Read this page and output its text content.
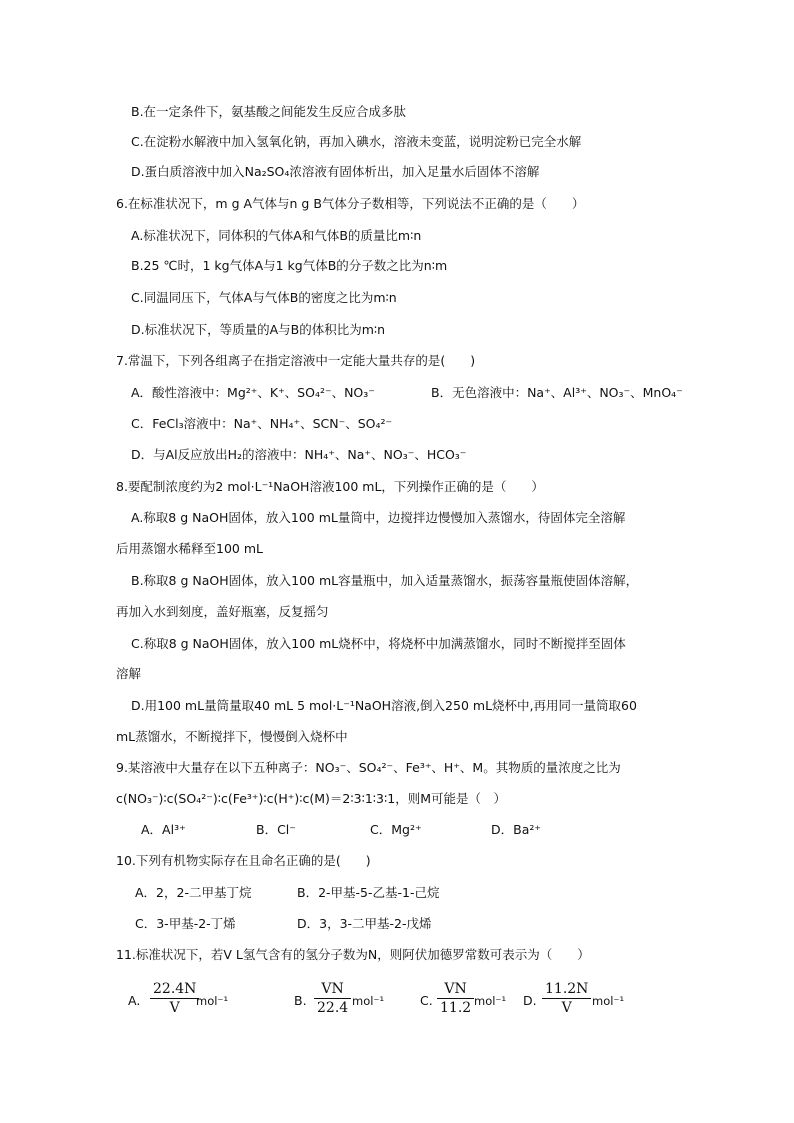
B.在一定条件下，氨基酸之间能发生反应合成多肽
C.在淀粉水解液中加入氢氧化钠，再加入碘水，溶液未变蓝，说明淀粉已完全水解
D.蛋白质溶液中加入Na₂SO₄浓溶液有固体析出，加入足量水后固体不溶解
6.在标准状况下，m g A气体与n g B气体分子数相等，下列说法不正确的是（　　）
A.标准状况下，同体积的气体A和气体B的质量比m∶n
B.25 ℃时，1 kg气体A与1 kg气体B的分子数之比为n∶m
C.同温同压下，气体A与气体B的密度之比为m∶n
D.标准状况下，等质量的A与B的体积比为m∶n
7.常温下，下列各组离子在指定溶液中一定能大量共存的是(　　)
A．酸性溶液中：Mg²⁺、K⁺、SO₄²⁻、NO₃⁻	B．无色溶液中：Na⁺、Al³⁺、NO₃⁻、MnO₄⁻
C．FeCl₃溶液中：Na⁺、NH₄⁺、SCN⁻、SO₄²⁻
D．与Al反应放出H₂的溶液中：NH₄⁺、Na⁺、NO₃⁻、HCO₃⁻
8.要配制浓度约为2 mol·L⁻¹NaOH溶液100 mL，下列操作正确的是（　　）
A.称取8 g NaOH固体，放入100 mL量筒中，边搅拌边慢慢加入蒸馏水，待固体完全溶解
后用蒸馏水稀释至100 mL
B.称取8 g NaOH固体，放入100 mL容量瓶中，加入适量蒸馏水，振荡容量瓶使固体溶解，
再加入水到刻度，盖好瓶塞，反复摇匀
C.称取8 g NaOH固体，放入100 mL烧杯中，将烧杯中加满蒸馏水，同时不断搅拌至固体
溶解
D.用100 mL量筒量取40 mL 5 mol·L⁻¹NaOH溶液,倒入250 mL烧杯中,再用同一量筒取60
mL蒸馏水，不断搅拌下，慢慢倒入烧杯中
9.某溶液中大量存在以下五种离子：NO₃⁻、SO₄²⁻、Fe³⁺、H⁺、M。其物质的量浓度之比为
c(NO₃⁻)∶c(SO₄²⁻)∶c(Fe³⁺)∶c(H⁺)∶c(M)＝2∶3∶1∶3∶1，则M可能是（　）
A．Al³⁺	B．Cl⁻	C．Mg²⁺	D．Ba²⁺
10.下列有机物实际存在且命名正确的是(　　)
A．2，2-二甲基丁烷	B．2-甲基-5-乙基-1-己烷
C．3-甲基-2-丁烯	D．3，3-二甲基-2-戊烯
11.标准状况下，若V L氢气含有的氢分子数为N，则阿伏加德罗常数可表示为（　　）
A. $\frac{22.4N}{V}$
mol⁻¹	B. $\frac{VN}{22.4} mol^{-1}$	C. $\frac{VN}{11.2} mol^{-1}$ D. $\frac{11.2N}{V} mol^{-1}$
